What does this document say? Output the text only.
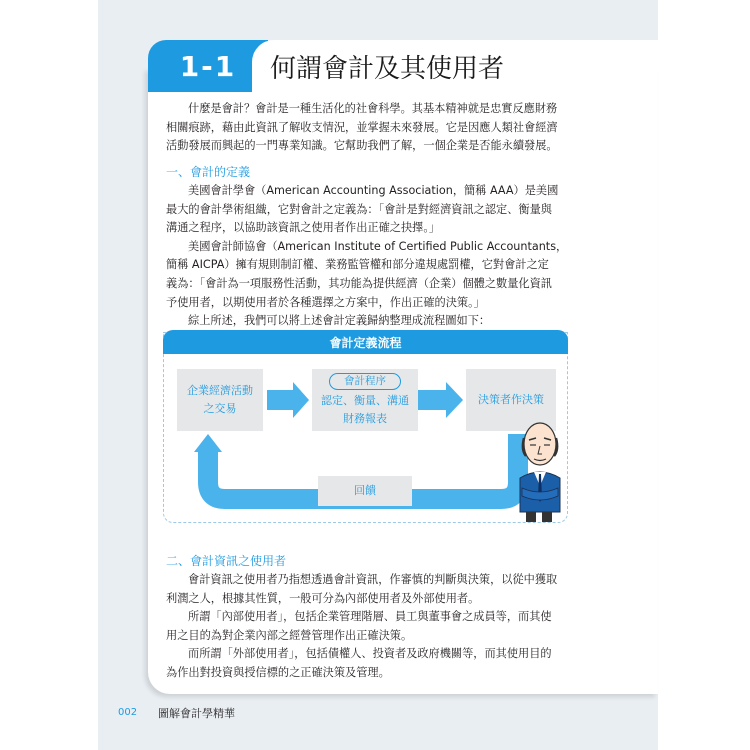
1-1	何謂會計及其使用者
什麼是會計？會計是一種生活化的社會科學。其基本精神就是忠實反應財務
相關痕跡，藉由此資訊了解收支情況，並掌握未來發展。它是因應人類社會經濟
活動發展而興起的一門專業知識。它幫助我們了解，一個企業是否能永續發展。
一、會計的定義
美國會計學會（American Accounting Association，簡稱 AAA）是美國
最大的會計學術組織，它對會計之定義為：「會計是對經濟資訊之認定、衡量與
溝通之程序，以協助該資訊之使用者作出正確之抉擇。」
美國會計師協會（American Institute of Certified Public Accountants，
簡稱 AICPA）擁有規則制訂權、業務監管權和部分違規處罰權，它對會計之定
義為：「會計為一項服務性活動，其功能為提供經濟（企業）個體之數量化資訊
予使用者，以期使用者於各種選擇之方案中，作出正確的決策。」
綜上所述，我們可以將上述會計定義歸納整理成流程圖如下：
會計定義流程
企業經濟活動
之交易
會計程序
認定、衡量、溝通
財務報表
決策者作決策
回饋
二、會計資訊之使用者
會計資訊之使用者乃指想透過會計資訊，作審慎的判斷與決策，以從中獲取
利潤之人，根據其性質，一般可分為內部使用者及外部使用者。
所謂「內部使用者」，包括企業管理階層、員工與董事會之成員等，而其使
用之目的為對企業內部之經營管理作出正確決策。
而所謂「外部使用者」，包括債權人、投資者及政府機關等，而其使用目的
為作出對投資與授信標的之正確決策及管理。
002 圖解會計學精華
